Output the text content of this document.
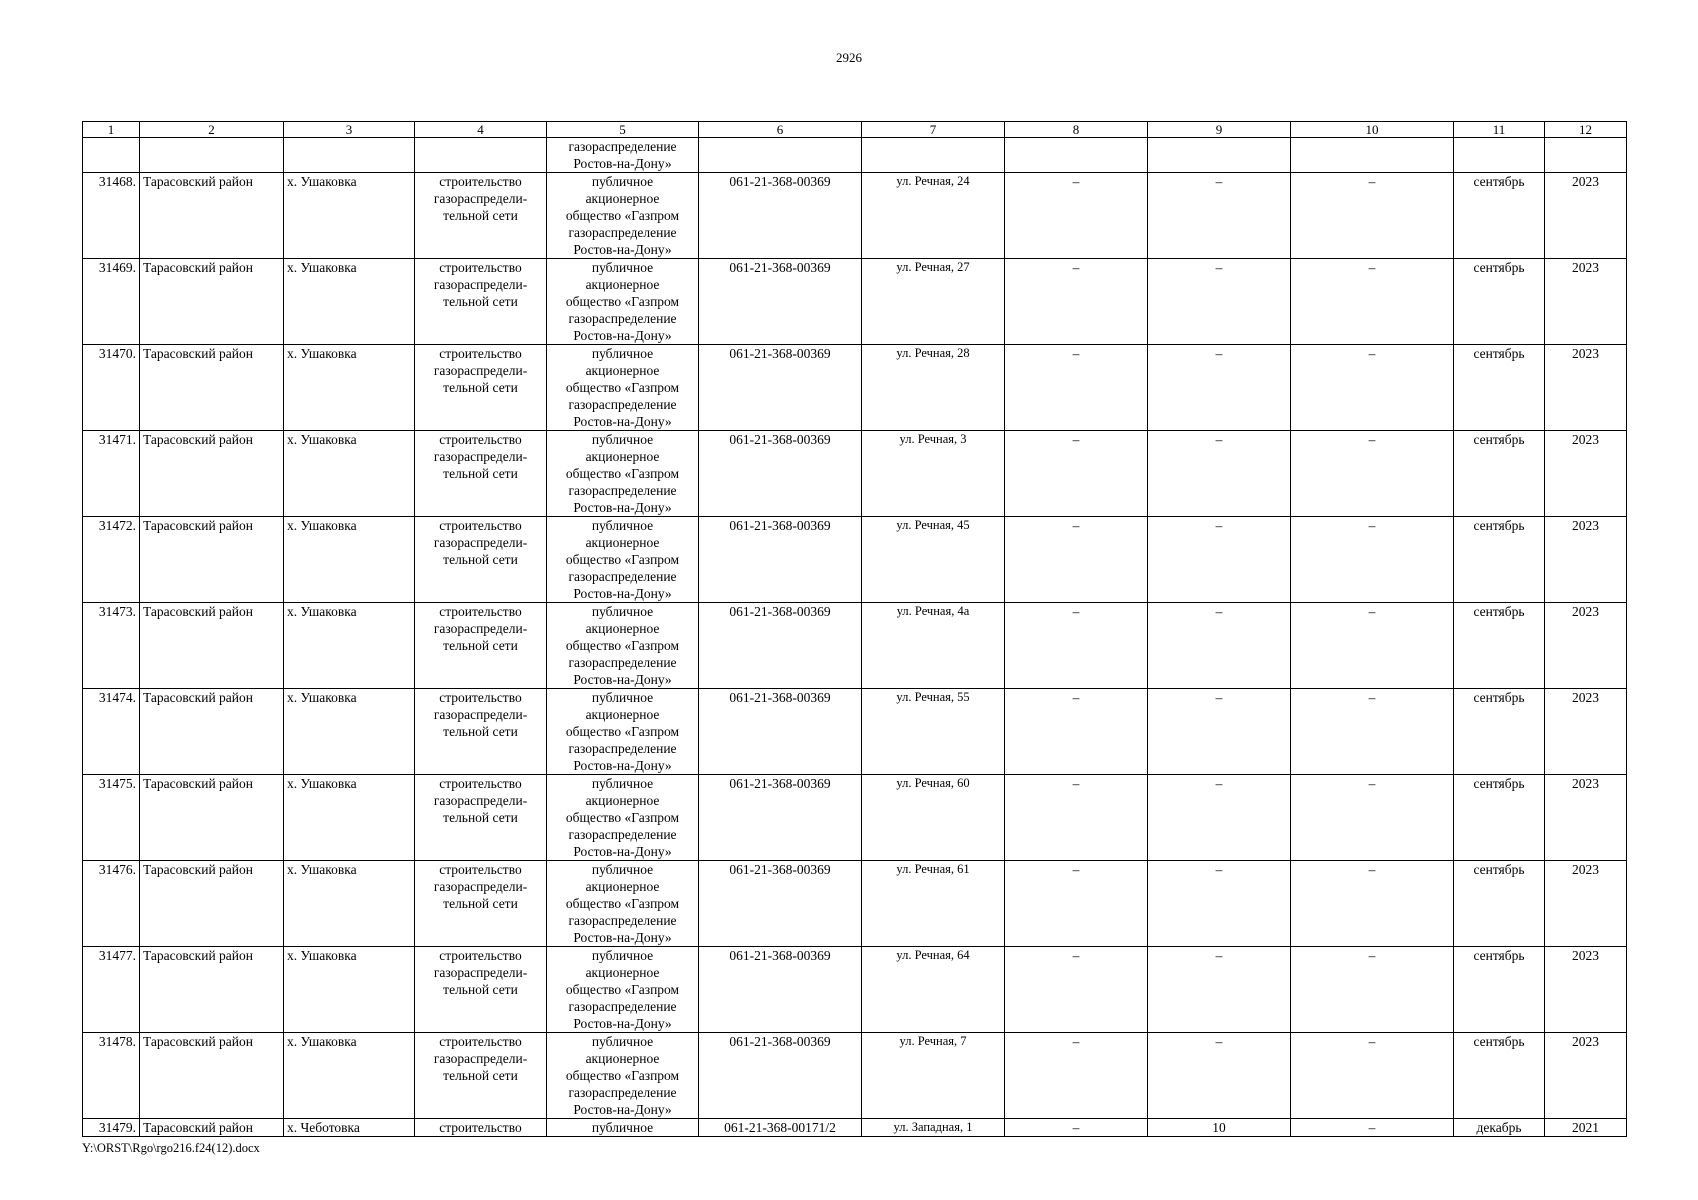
2926
1	2	3	4	5	6	7	8	9	10	11	12
				газораспределение
Ростов-на-Дону»							
31468.	Тарасовский район	х. Ушаковка	строительство
газораспредели-
тельной сети	публичное
акционерное
общество «Газпром
газораспределение
Ростов-на-Дону»	061-21-368-00369	ул. Речная, 24	–	–	–	сентябрь	2023
31469.	Тарасовский район	х. Ушаковка	строительство
газораспредели-
тельной сети	публичное
акционерное
общество «Газпром
газораспределение
Ростов-на-Дону»	061-21-368-00369	ул. Речная, 27	–	–	–	сентябрь	2023
31470.	Тарасовский район	х. Ушаковка	строительство
газораспредели-
тельной сети	публичное
акционерное
общество «Газпром
газораспределение
Ростов-на-Дону»	061-21-368-00369	ул. Речная, 28	–	–	–	сентябрь	2023
31471.	Тарасовский район	х. Ушаковка	строительство
газораспредели-
тельной сети	публичное
акционерное
общество «Газпром
газораспределение
Ростов-на-Дону»	061-21-368-00369	ул. Речная, 3	–	–	–	сентябрь	2023
31472.	Тарасовский район	х. Ушаковка	строительство
газораспредели-
тельной сети	публичное
акционерное
общество «Газпром
газораспределение
Ростов-на-Дону»	061-21-368-00369	ул. Речная, 45	–	–	–	сентябрь	2023
31473.	Тарасовский район	х. Ушаковка	строительство
газораспредели-
тельной сети	публичное
акционерное
общество «Газпром
газораспределение
Ростов-на-Дону»	061-21-368-00369	ул. Речная, 4а	–	–	–	сентябрь	2023
31474.	Тарасовский район	х. Ушаковка	строительство
газораспредели-
тельной сети	публичное
акционерное
общество «Газпром
газораспределение
Ростов-на-Дону»	061-21-368-00369	ул. Речная, 55	–	–	–	сентябрь	2023
31475.	Тарасовский район	х. Ушаковка	строительство
газораспредели-
тельной сети	публичное
акционерное
общество «Газпром
газораспределение
Ростов-на-Дону»	061-21-368-00369	ул. Речная, 60	–	–	–	сентябрь	2023
31476.	Тарасовский район	х. Ушаковка	строительство
газораспредели-
тельной сети	публичное
акционерное
общество «Газпром
газораспределение
Ростов-на-Дону»	061-21-368-00369	ул. Речная, 61	–	–	–	сентябрь	2023
31477.	Тарасовский район	х. Ушаковка	строительство
газораспредели-
тельной сети	публичное
акционерное
общество «Газпром
газораспределение
Ростов-на-Дону»	061-21-368-00369	ул. Речная, 64	–	–	–	сентябрь	2023
31478.	Тарасовский район	х. Ушаковка	строительство
газораспредели-
тельной сети	публичное
акционерное
общество «Газпром
газораспределение
Ростов-на-Дону»	061-21-368-00369	ул. Речная, 7	–	–	–	сентябрь	2023
31479.	Тарасовский район	х. Чеботовка	строительство	публичное	061-21-368-00171/2	ул. Западная, 1	–	10	–	декабрь	2021
Y:\ORST\Rgo\rgo216.f24(12).docx
